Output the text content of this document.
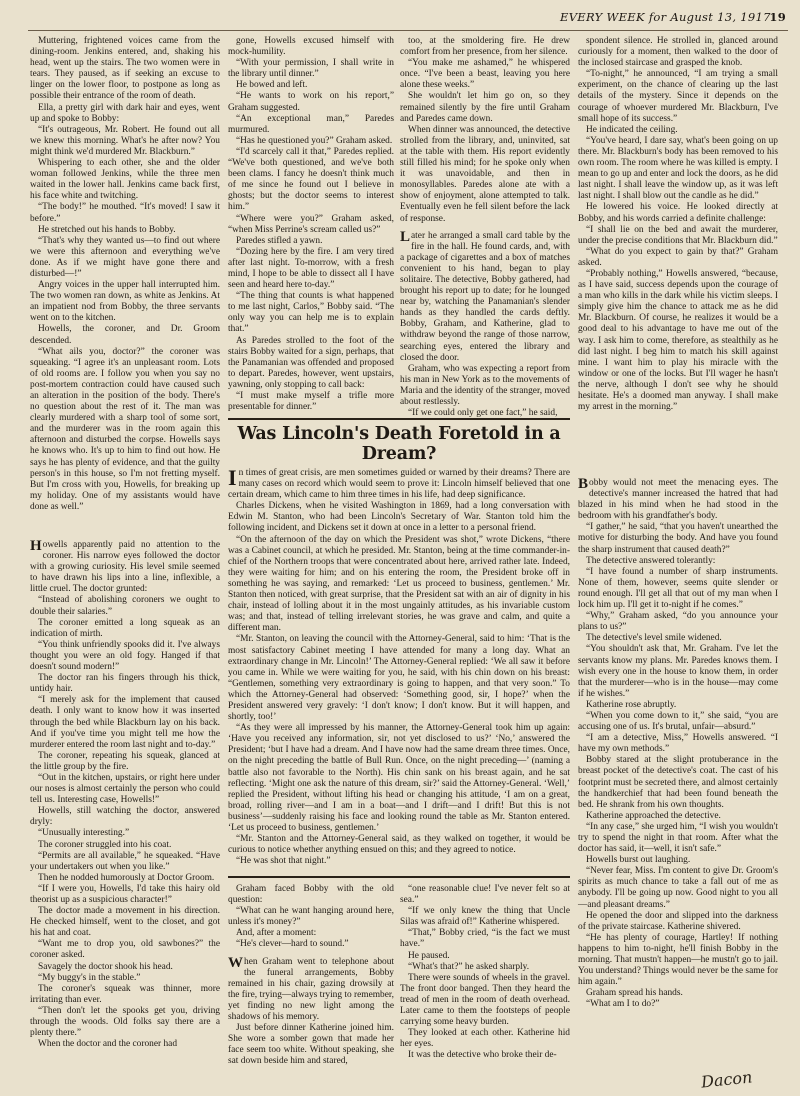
EVERY WEEK for August 13, 1917
19

Muttering, frightened voices came from the dining-room. Jenkins entered, and, shaking his head, went up the stairs. The two women were in tears. They paused, as if seeking an excuse to linger on the lower floor, to postpone as long as possible their entrance of the room of death.

Ella, a pretty girl with dark hair and eyes, went up and spoke to Bobby:

“It's outrageous, Mr. Robert. He found out all we knew this morning. What's he after now? You might think we'd murdered Mr. Blackburn.”

Whispering to each other, she and the older woman followed Jenkins, while the three men waited in the lower hall. Jenkins came back first, his face white and twitching.

“The body!” he mouthed. “It's moved! I saw it before.”

He stretched out his hands to Bobby.

“That's why they wanted us—to find out where we were this afternoon and everything we've done. As if we might have gone there and disturbed—!”

Angry voices in the upper hall interrupted him. The two women ran down, as white as Jenkins. At an impatient nod from Bobby, the three servants went on to the kitchen.

Howells, the coroner, and Dr. Groom descended.

“What ails you, doctor?” the coroner was squeaking. “I agree it's an unpleasant room. Lots of old rooms are. I follow you when you say no post-mortem contraction could have caused such an alteration in the position of the body. There's no question about the rest of it. The man was clearly murdered with a sharp tool of some sort, and the murderer was in the room again this afternoon and disturbed the corpse. Howells says he knows who. It's up to him to find out how. He says he has plenty of evidence, and that the guilty person's in this house, so I'm not fretting myself. But I'm cross with you, Howells, for breaking up my holiday. One of my assistants would have done as well.”

Howells apparently paid no attention to the coroner. His narrow eyes followed the doctor with a growing curiosity. His level smile seemed to have drawn his lips into a line, inflexible, a little cruel. The doctor grunted:

“Instead of abolishing coroners we ought to double their salaries.”

The coroner emitted a long squeak as an indication of mirth.

“You think unfriendly spooks did it. I've always thought you were an old fogy. Hanged if that doesn't sound modern!”

The doctor ran his fingers through his thick, untidy hair.

“I merely ask for the implement that caused death. I only want to know how it was inserted through the bed while Blackburn lay on his back. And if you've time you might tell me how the murderer entered the room last night and to-day.”

The coroner, repeating his squeak, glanced at the little group by the fire.

“Out in the kitchen, upstairs, or right here under our noses is almost certainly the person who could tell us. Interesting case, Howells!”

Howells, still watching the doctor, answered dryly:

“Unusually interesting.”

The coroner struggled into his coat.

“Permits are all available,” he squeaked. “Have your undertakers out when you like.”

Then he nodded humorously at Doctor Groom.

“If I were you, Howells, I'd take this hairy old theorist up as a suspicious character!”

The doctor made a movement in his direction. He checked himself, went to the closet, and got his hat and coat.

“Want me to drop you, old sawbones?” the coroner asked.

Savagely the doctor shook his head.

“My buggy's in the stable.”

The coroner's squeak was thinner, more irritating than ever.

“Then don't let the spooks get you, driving through the woods. Old folks say there are a plenty there.”

When the doctor and the coroner had

gone, Howells excused himself with mock-humility.

“With your permission, I shall write in the library until dinner.”

He bowed and left.

“He wants to work on his report,” Graham suggested.

“An exceptional man,” Paredes murmured.

“Has he questioned you?” Graham asked.

“I'd scarcely call it that,” Paredes replied. “We've both questioned, and we've both been clams. I fancy he doesn't think much of me since he found out I believe in ghosts; but the doctor seems to interest him.”

“Where were you?” Graham asked, “when Miss Perrine's scream called us?”

Paredes stifled a yawn.

“Dozing here by the fire. I am very tired after last night. To-morrow, with a fresh mind, I hope to be able to dissect all I have seen and heard here to-day.”

“The thing that counts is what happened to me last night, Carlos,” Bobby said. “The only way you can help me is to explain that.”

As Paredes strolled to the foot of the stairs Bobby waited for a sign, perhaps, that the Panamanian was offended and proposed to depart. Paredes, however, went upstairs, yawning, only stopping to call back:

“I must make myself a trifle more presentable for dinner.”

too, at the smoldering fire. He drew comfort from her presence, from her silence.

“You make me ashamed,” he whispered once. “I've been a beast, leaving you here alone these weeks.”

She wouldn't let him go on, so they remained silently by the fire until Graham and Paredes came down.

When dinner was announced, the detective strolled from the library, and, uninvited, sat at the table with them. His report evidently still filled his mind; for he spoke only when it was unavoidable, and then in monosyllables. Paredes alone ate with a show of enjoyment, alone attempted to talk. Eventually even he fell silent before the lack of response.

Later he arranged a small card table by the fire in the hall. He found cards, and, with a package of cigarettes and a box of matches convenient to his hand, began to play solitaire. The detective, Bobby gathered, had brought his report up to date; for he lounged near by, watching the Panamanian's slender hands as they handled the cards deftly. Bobby, Graham, and Katherine, glad to withdraw beyond the range of those narrow, searching eyes, entered the library and closed the door.

Graham, who was expecting a report from his man in New York as to the movements of Maria and the identity of the stranger, moved about restlessly.

“If we could only get one fact,” he said,

Was Lincoln's Death Foretold in a Dream?

In times of great crisis, are men sometimes guided or warned by their dreams? There are many cases on record which would seem to prove it: Lincoln himself believed that one certain dream, which came to him three times in his life, had deep significance.

Charles Dickens, when he visited Washington in 1869, had a long conversation with Edwin M. Stanton, who had been Lincoln's Secretary of War. Stanton told him the following incident, and Dickens set it down at once in a letter to a personal friend.

“On the afternoon of the day on which the President was shot,” wrote Dickens, “there was a Cabinet council, at which he presided. Mr. Stanton, being at the time commander-in-chief of the Northern troops that were concentrated about here, arrived rather late. Indeed, they were waiting for him; and on his entering the room, the President broke off in something he was saying, and remarked: ‘Let us proceed to business, gentlemen.’ Mr. Stanton then noticed, with great surprise, that the President sat with an air of dignity in his chair, instead of lolling about it in the most ungainly attitudes, as his invariable custom was; and that, instead of telling irrelevant stories, he was grave and calm, and quite a different man.

“Mr. Stanton, on leaving the council with the Attorney-General, said to him: ‘That is the most satisfactory Cabinet meeting I have attended for many a long day. What an extraordinary change in Mr. Lincoln!’ The Attorney-General replied: ‘We all saw it before you came in. While we were waiting for you, he said, with his chin down on his breast: “Gentlemen, something very extraordinary is going to happen, and that very soon.” To which the Attorney-General had observed: ‘Something good, sir, I hope?’ when the President answered very gravely: ‘I don't know; I don't know. But it will happen, and shortly, too!’

“As they were all impressed by his manner, the Attorney-General took him up again: ‘Have you received any information, sir, not yet disclosed to us?’ ‘No,’ answered the President; ‘but I have had a dream. And I have now had the same dream three times. Once, on the night preceding the battle of Bull Run. Once, on the night preceding—’ (naming a battle also not favorable to the North). His chin sank on his breast again, and he sat reflecting. ‘Might one ask the nature of this dream, sir?’ said the Attorney-General. ‘Well,’ replied the President, without lifting his head or changing his attitude, ‘I am on a great, broad, rolling river—and I am in a boat—and I drift—and I drift! But this is not business’—suddenly raising his face and looking round the table as Mr. Stanton entered. ‘Let us proceed to business, gentlemen.’

“Mr. Stanton and the Attorney-General said, as they walked on together, it would be curious to notice whether anything ensued on this; and they agreed to notice.

“He was shot that night.”

Graham faced Bobby with the old question:

“What can he want hanging around here, unless it's money?”

And, after a moment:

“He's clever—hard to sound.”

When Graham went to telephone about the funeral arrangements, Bobby remained in his chair, gazing drowsily at the fire, trying—always trying to remember, yet finding no new light among the shadows of his memory.

Just before dinner Katherine joined him. She wore a somber gown that made her face seem too white. Without speaking, she sat down beside him and stared,

“one reasonable clue! I've never felt so at sea.”

“If we only knew the thing that Uncle Silas was afraid of!” Katherine whispered.

“That,” Bobby cried, “is the fact we must have.”

He paused.

“What's that?” he asked sharply.

There were sounds of wheels in the gravel. The front door banged. Then they heard the tread of men in the room of death overhead. Later came to them the footsteps of people carrying some heavy burden.

They looked at each other. Katherine hid her eyes.

It was the detective who broke their de-

spondent silence. He strolled in, glanced around curiously for a moment, then walked to the door of the inclosed staircase and grasped the knob.

“To-night,” he announced, “I am trying a small experiment, on the chance of clearing up the last details of the mystery. Since it depends on the courage of whoever murdered Mr. Blackburn, I've small hope of its success.”

He indicated the ceiling.

“You've heard, I dare say, what's been going on up there. Mr. Blackburn's body has been removed to his own room. The room where he was killed is empty. I mean to go up and enter and lock the doors, as he did last night. I shall leave the window up, as it was left last night. I shall blow out the candle as he did.”

He lowered his voice. He looked directly at Bobby, and his words carried a definite challenge:

“I shall lie on the bed and await the murderer, under the precise conditions that Mr. Blackburn did.”

“What do you expect to gain by that?” Graham asked.

“Probably nothing,” Howells answered, “because, as I have said, success depends upon the courage of a man who kills in the dark while his victim sleeps. I simply give him the chance to attack me as he did Mr. Blackburn. Of course, he realizes it would be a good deal to his advantage to have me out of the way. I ask him to come, therefore, as stealthily as he did last night. I beg him to match his skill against mine. I want him to play his miracle with the window or one of the locks. But I'll wager he hasn't the nerve, although I don't see why he should hesitate. He's a doomed man anyway. I shall make my arrest in the morning.”

Bobby would not meet the menacing eyes. The detective's manner increased the hatred that had blazed in his mind when he had stood in the bedroom with his grandfather's body.

“I gather,” he said, “that you haven't unearthed the motive for disturbing the body. And have you found the sharp instrument that caused death?”

The detective answered tolerantly:

“I have found a number of sharp instruments. None of them, however, seems quite slender or round enough. I'll get all that out of my man when I lock him up. I'll get it to-night if he comes.”

“Why,” Graham asked, “do you announce your plans to us?”

The detective's level smile widened.

“You shouldn't ask that, Mr. Graham. I've let the servants know my plans. Mr. Paredes knows them. I wish every one in the house to know them, in order that the murderer—who is in the house—may come if he wishes.”

Katherine rose abruptly.

“When you come down to it,” she said, “you are accusing one of us. It's brutal, unfair—absurd.”

“I am a detective, Miss,” Howells answered. “I have my own methods.”

Bobby stared at the slight protuberance in the breast pocket of the detective's coat. The cast of his footprint must be secreted there, and almost certainly the handkerchief that had been found beneath the bed. He shrank from his own thoughts.

Katherine approached the detective.

“In any case,” she urged him, “I wish you wouldn't try to spend the night in that room. After what the doctor has said, it—well, it isn't safe.”

Howells burst out laughing.

“Never fear, Miss. I'm content to give Dr. Groom's spirits as much chance to take a fall out of me as anybody. I'll be going up now. Good night to you all—and pleasant dreams.”

He opened the door and slipped into the darkness of the private staircase. Katherine shivered.

“He has plenty of courage, Hartley! If nothing happens to him to-night, he'll finish Bobby in the morning. That mustn't happen—he mustn't go to jail. You understand? Things would never be the same for him again.”

Graham spread his hands.

“What am I to do?”

Dacon
